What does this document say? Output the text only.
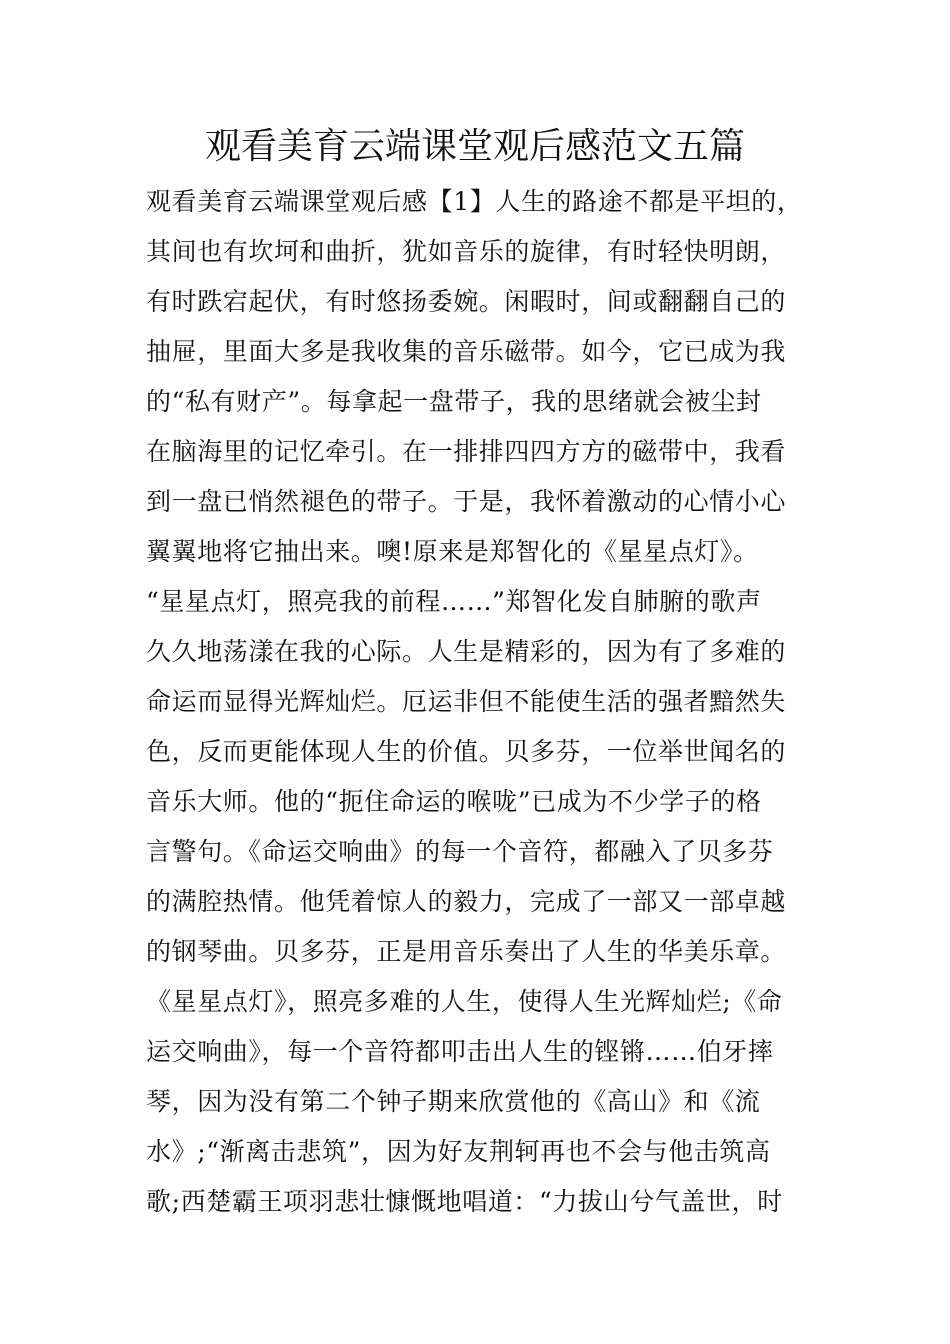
观看美育云端课堂观后感范文五篇
观看美育云端课堂观后感【1】人生的路途不都是平坦的，
其间也有坎坷和曲折，犹如音乐的旋律，有时轻快明朗，
有时跌宕起伏，有时悠扬委婉。闲暇时，间或翻翻自己的
抽屉，里面大多是我收集的音乐磁带。如今，它已成为我
的“私有财产”。每拿起一盘带子，我的思绪就会被尘封
在脑海里的记忆牵引。在一排排四四方方的磁带中，我看
到一盘已悄然褪色的带子。于是，我怀着激动的心情小心
翼翼地将它抽出来。噢!原来是郑智化的《星星点灯》。
“星星点灯，照亮我的前程……”郑智化发自肺腑的歌声
久久地荡漾在我的心际。人生是精彩的，因为有了多难的
命运而显得光辉灿烂。厄运非但不能使生活的强者黯然失
色，反而更能体现人生的价值。贝多芬，一位举世闻名的
音乐大师。他的“扼住命运的喉咙”已成为不少学子的格
言警句。《命运交响曲》的每一个音符，都融入了贝多芬
的满腔热情。他凭着惊人的毅力，完成了一部又一部卓越
的钢琴曲。贝多芬，正是用音乐奏出了人生的华美乐章。
《星星点灯》，照亮多难的人生，使得人生光辉灿烂;《命
运交响曲》，每一个音符都叩击出人生的铿锵……伯牙摔
琴，因为没有第二个钟子期来欣赏他的《高山》和《流
水》;“渐离击悲筑”，因为好友荆轲再也不会与他击筑高
歌;西楚霸王项羽悲壮慷慨地唱道：“力拔山兮气盖世，时
